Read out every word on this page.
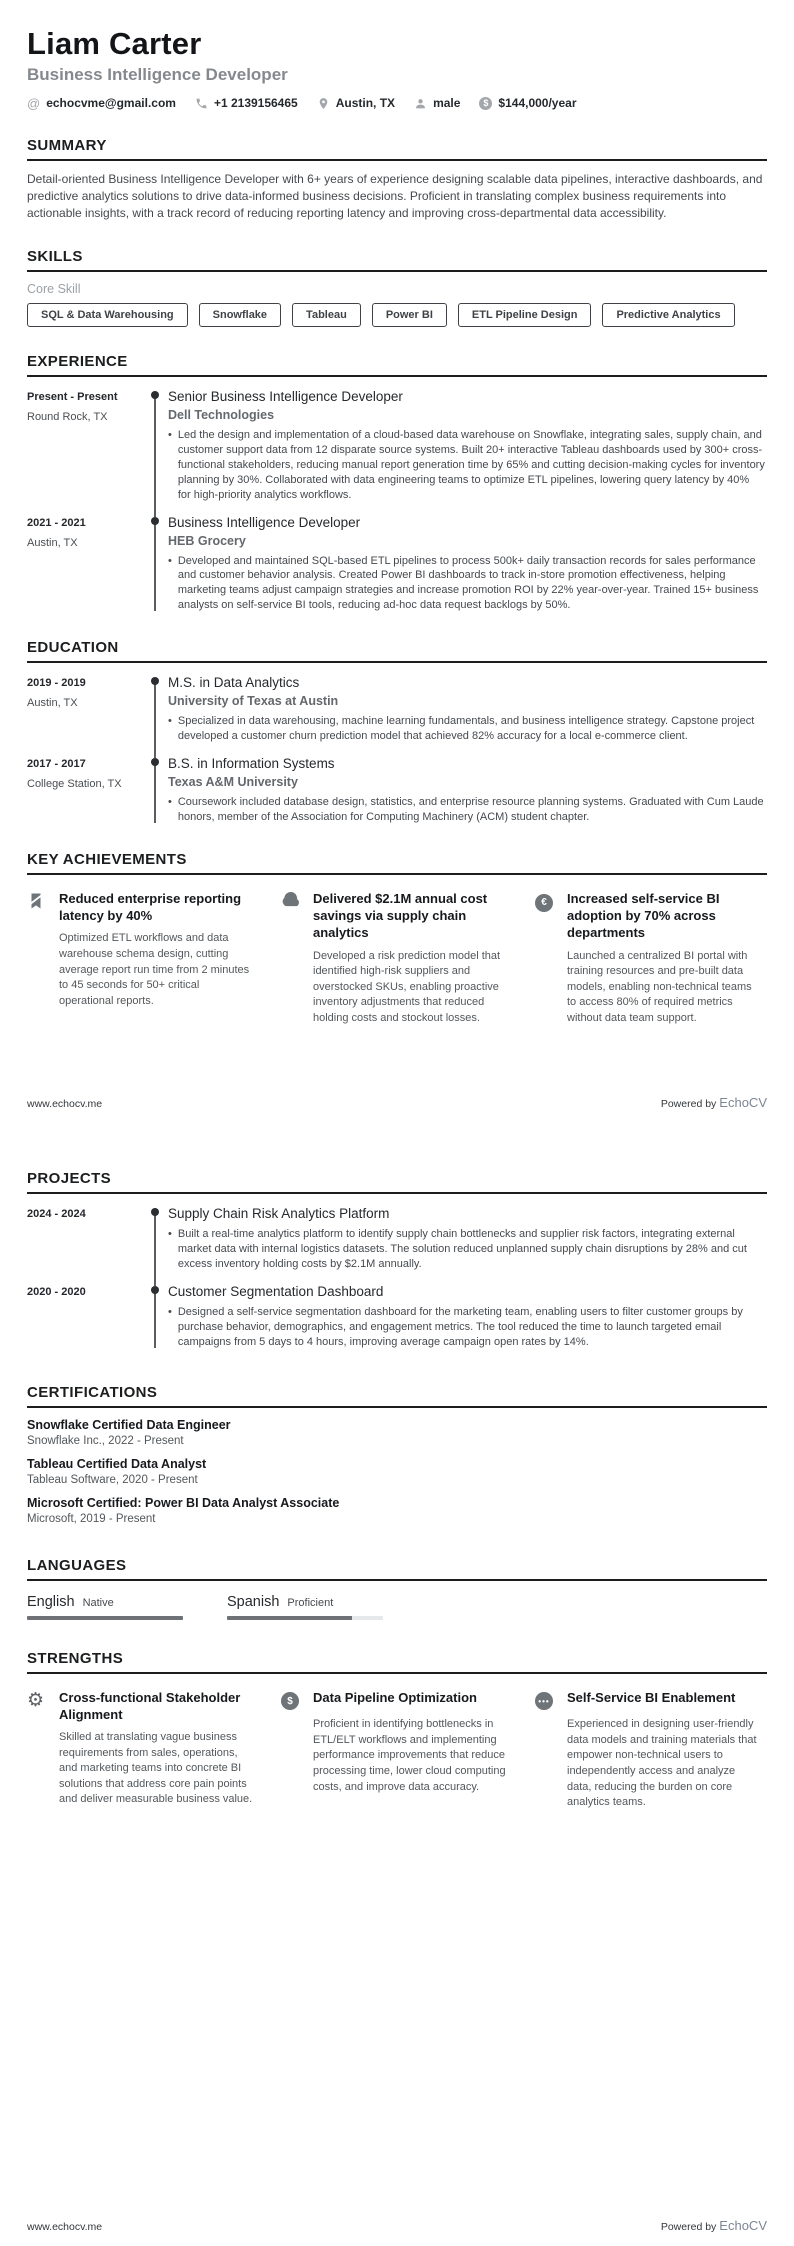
Liam Carter
Business Intelligence Developer
@ echocvme@gmail.com	+1 2139156465	Austin, TX	male	$ $144,000/year
SUMMARY

Detail-oriented Business Intelligence Developer with 6+ years of experience designing scalable data pipelines, interactive dashboards, and predictive analytics solutions to drive data-informed business decisions. Proficient in translating complex business requirements into actionable insights, with a track record of reducing reporting latency and improving cross-departmental data accessibility.

SKILLS
Core Skill
SQL & Data Warehousing	Snowflake	Tableau	Power BI	ETL Pipeline Design	Predictive Analytics
EXPERIENCE
Present - Present
Round Rock, TX
Senior Business Intelligence Developer
Dell Technologies
• Led the design and implementation of a cloud-based data warehouse on Snowflake, integrating sales, supply chain, and customer support data from 12 disparate source systems. Built 20+ interactive Tableau dashboards used by 300+ cross-functional stakeholders, reducing manual report generation time by 65% and cutting decision-making cycles for inventory planning by 30%. Collaborated with data engineering teams to optimize ETL pipelines, lowering query latency by 40% for high-priority analytics workflows.
2021 - 2021
Austin, TX
Business Intelligence Developer
HEB Grocery
• Developed and maintained SQL-based ETL pipelines to process 500k+ daily transaction records for sales performance and customer behavior analysis. Created Power BI dashboards to track in-store promotion effectiveness, helping marketing teams adjust campaign strategies and increase promotion ROI by 22% year-over-year. Trained 15+ business analysts on self-service BI tools, reducing ad-hoc data request backlogs by 50%.
EDUCATION
2019 - 2019
Austin, TX
M.S. in Data Analytics
University of Texas at Austin
• Specialized in data warehousing, machine learning fundamentals, and business intelligence strategy. Capstone project developed a customer churn prediction model that achieved 82% accuracy for a local e-commerce client.
2017 - 2017
College Station, TX
B.S. in Information Systems
Texas A&M University
• Coursework included database design, statistics, and enterprise resource planning systems. Graduated with Cum Laude honors, member of the Association for Computing Machinery (ACM) student chapter.
KEY ACHIEVEMENTS
Reduced enterprise reporting latency by 40%
Optimized ETL workflows and data warehouse schema design, cutting average report run time from 2 minutes to 45 seconds for 50+ critical operational reports.
Delivered $2.1M annual cost savings via supply chain analytics
Developed a risk prediction model that identified high-risk suppliers and overstocked SKUs, enabling proactive inventory adjustments that reduced holding costs and stockout losses.
€	Increased self-service BI adoption by 70% across departments
Launched a centralized BI portal with training resources and pre-built data models, enabling non-technical teams to access 80% of required metrics without data team support.
www.echocv.me	Powered by EchoCV
PROJECTS
2024 - 2024	Supply Chain Risk Analytics Platform
• Built a real-time analytics platform to identify supply chain bottlenecks and supplier risk factors, integrating external market data with internal logistics datasets. The solution reduced unplanned supply chain disruptions by 28% and cut excess inventory holding costs by $2.1M annually.
2020 - 2020	Customer Segmentation Dashboard
• Designed a self-service segmentation dashboard for the marketing team, enabling users to filter customer groups by purchase behavior, demographics, and engagement metrics. The tool reduced the time to launch targeted email campaigns from 5 days to 4 hours, improving average campaign open rates by 14%.
CERTIFICATIONS
Snowflake Certified Data Engineer
Snowflake Inc., 2022 - Present
Tableau Certified Data Analyst
Tableau Software, 2020 - Present
Microsoft Certified: Power BI Data Analyst Associate
Microsoft, 2019 - Present
LANGUAGES
English Native	Spanish Proficient
STRENGTHS
⚙	Cross-functional Stakeholder Alignment
Skilled at translating vague business requirements from sales, operations, and marketing teams into concrete BI solutions that address core pain points and deliver measurable business value.
$	Data Pipeline Optimization
Proficient in identifying bottlenecks in ETL/ELT workflows and implementing performance improvements that reduce processing time, lower cloud computing costs, and improve data accuracy.
•••	Self-Service BI Enablement
Experienced in designing user-friendly data models and training materials that empower non-technical users to independently access and analyze data, reducing the burden on core analytics teams.
www.echocv.me	Powered by EchoCV
